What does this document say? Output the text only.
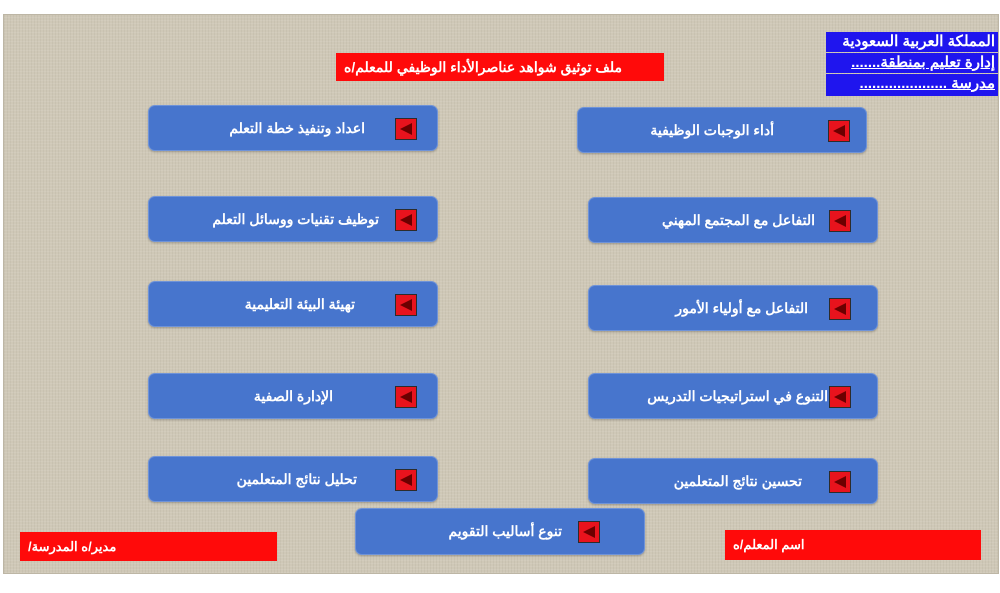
المملكة العربية السعودية
إدارة تعليم بمنطقة.......
مدرسة .....................
ملف توثيق شواهد عناصرالأداء الوظيفي للمعلم/ه
أداء الوجبات الوظيفية
التفاعل مع المجتمع المهني
التفاعل مع أولياء الأمور
التنوع في استراتيجيات التدريس
تحسين نتائج المتعلمين
اعداد وتنفيذ خطة التعلم
توظيف تقنيات ووسائل التعلم
تهيئة البيئة التعليمية
الإدارة الصفية
تحليل نتائج المتعلمين
تنوع أساليب التقويم
مدير/ه المدرسة/	اسم المعلم/ه
